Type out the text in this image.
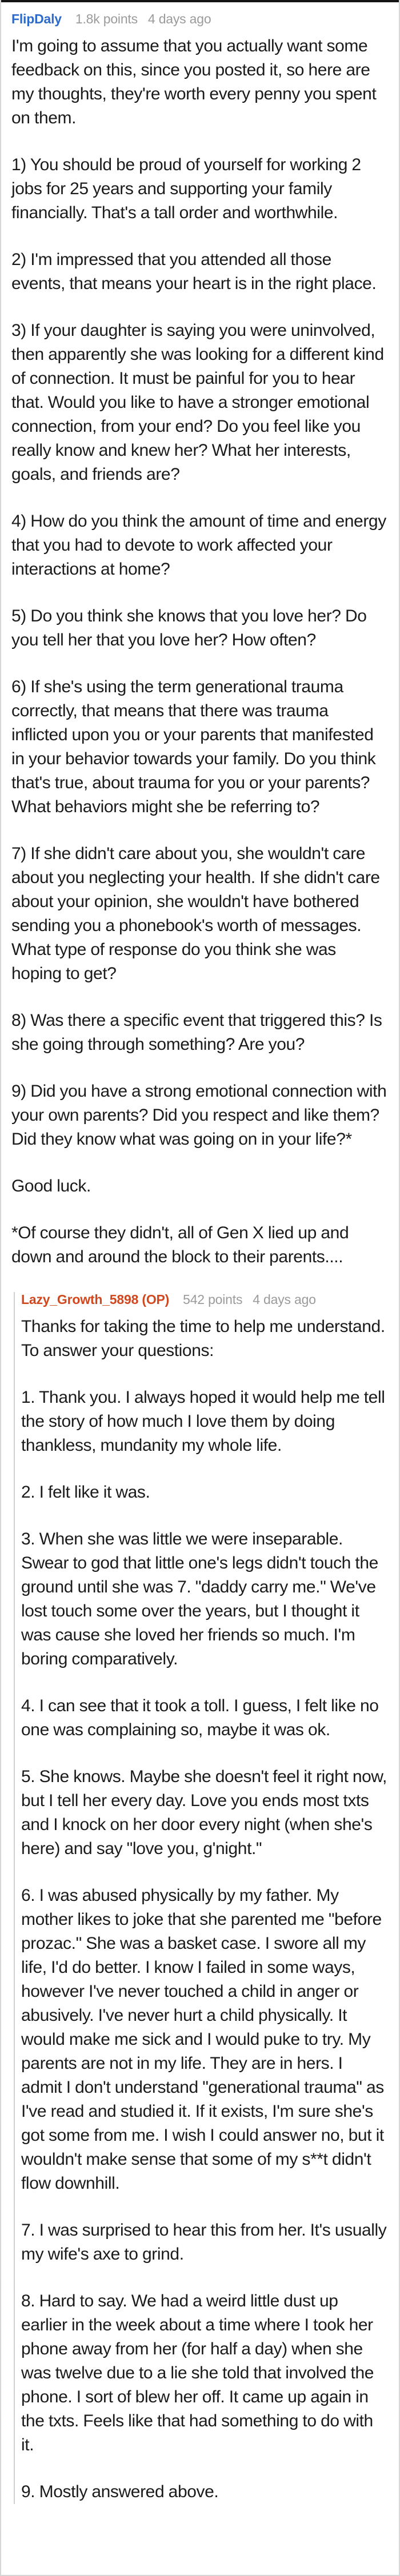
FlipDaly 1.8k points 4 days ago

I'm going to assume that you actually want some feedback on this, since you posted it, so here are my thoughts, they're worth every penny you spent on them.

1) You should be proud of yourself for working 2 jobs for 25 years and supporting your family financially. That's a tall order and worthwhile.

2) I'm impressed that you attended all those events, that means your heart is in the right place.

3) If your daughter is saying you were uninvolved, then apparently she was looking for a different kind of connection. It must be painful for you to hear that. Would you like to have a stronger emotional connection, from your end? Do you feel like you really know and knew her? What her interests, goals, and friends are?

4) How do you think the amount of time and energy that you had to devote to work affected your interactions at home?

5) Do you think she knows that you love her? Do you tell her that you love her? How often?

6) If she's using the term generational trauma correctly, that means that there was trauma inflicted upon you or your parents that manifested in your behavior towards your family. Do you think that's true, about trauma for you or your parents? What behaviors might she be referring to?

7) If she didn't care about you, she wouldn't care about you neglecting your health. If she didn't care about your opinion, she wouldn't have bothered sending you a phonebook's worth of messages. What type of response do you think she was hoping to get?

8) Was there a specific event that triggered this? Is she going through something? Are you?

9) Did you have a strong emotional connection with your own parents? Did you respect and like them? Did they know what was going on in your life?*

Good luck.

*Of course they didn't, all of Gen X lied up and down and around the block to their parents....

Lazy_Growth_5898 (OP) 542 points 4 days ago

Thanks for taking the time to help me understand. To answer your questions:

1. Thank you. I always hoped it would help me tell the story of how much I love them by doing thankless, mundanity my whole life.

2. I felt like it was.

3. When she was little we were inseparable. Swear to god that little one's legs didn't touch the ground until she was 7. "daddy carry me." We've lost touch some over the years, but I thought it was cause she loved her friends so much. I'm boring comparatively.

4. I can see that it took a toll. I guess, I felt like no one was complaining so, maybe it was ok.

5. She knows. Maybe she doesn't feel it right now, but I tell her every day. Love you ends most txts and I knock on her door every night (when she's here) and say "love you, g'night."

6. I was abused physically by my father. My mother likes to joke that she parented me "before prozac." She was a basket case. I swore all my life, I'd do better. I know I failed in some ways, however I've never touched a child in anger or abusively. I've never hurt a child physically. It would make me sick and I would puke to try. My parents are not in my life. They are in hers. I admit I don't understand "generational trauma" as I've read and studied it. If it exists, I'm sure she's got some from me. I wish I could answer no, but it wouldn't make sense that some of my s**t didn't flow downhill.

7. I was surprised to hear this from her. It's usually my wife's axe to grind.

8. Hard to say. We had a weird little dust up earlier in the week about a time where I took her phone away from her (for half a day) when she was twelve due to a lie she told that involved the phone. I sort of blew her off. It came up again in the txts. Feels like that had something to do with it.

9. Mostly answered above.
